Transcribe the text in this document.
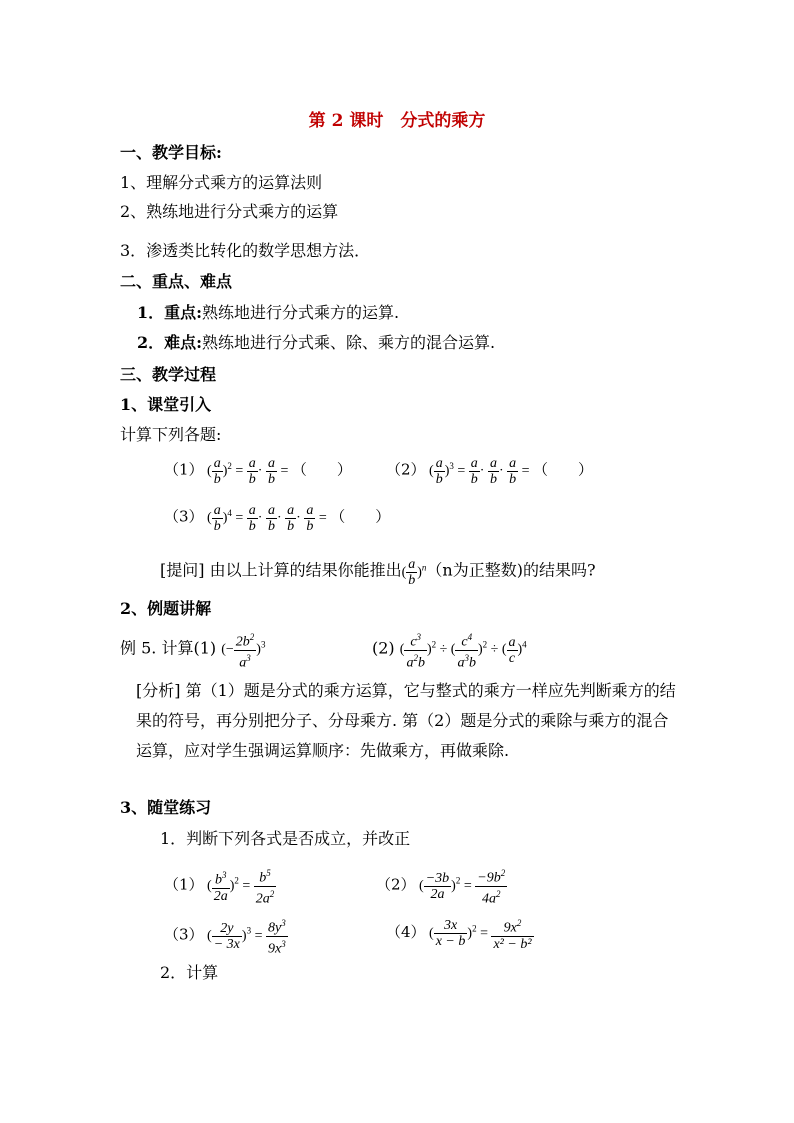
第 2 课时　分式的乘方
一、教学目标:
1、理解分式乘方的运算法则
2、熟练地进行分式乘方的运算
3．渗透类比转化的数学思想方法．
二、重点、难点
1．重点:熟练地进行分式乘方的运算.
2．难点:熟练地进行分式乘、除、乘方的混合运算.
三、教学过程
1、课堂引入
计算下列各题:
（1） ( $\frac{a}{b} )^2 = \frac{a}{b} \cdot \frac{a}{b}$ = （　　） （2） ( $\frac{a}{b} )^3 = \frac{a}{b} \cdot \frac{a}{b} \cdot \frac{a}{b}$ = （　　）
（3） ( $\frac{a}{b} )^4 = \frac{a}{b} \cdot \frac{a}{b} \cdot \frac{a}{b} \cdot \frac{a}{b}$ = （　　）
[提问] 由以上计算的结果你能推出( $\frac{a}{b} )^n(n$为正整数)的结果吗?
2、例题讲解
例 5. 计算(1) (− $\frac{2b^2}{a^3} )^3$	(2) ( $\frac{c^3}{a^2b} )^2$ ÷ ( $\frac{c^4}{a^3b} )^2$ ÷ ( $\frac{a}{c} )^4$
[分析] 第（1）题是分式的乘方运算，它与整式的乘方一样应先判断乘方的结果的符号，再分别把分子、分母乘方. 第（2）题是分式的乘除与乘方的混合运算，应对学生强调运算顺序：先做乘方，再做乘除.
3、随堂练习
1．判断下列各式是否成立，并改正
（1） ( $\frac{b^3}{2a} )^2 = \frac{b^5}{2a^2}$	（2） ( $\frac{-3b}{2a} )^2 = \frac{-9b^2}{4a^2}$
（3） ( $\frac{2y}{- 3x} )^3 = \frac{8y^3}{9x^3}$	（4） ( $\frac{3x}{x - b} )^2 = \frac{9x^2}{\text{x² − b²}}$
2．计算
